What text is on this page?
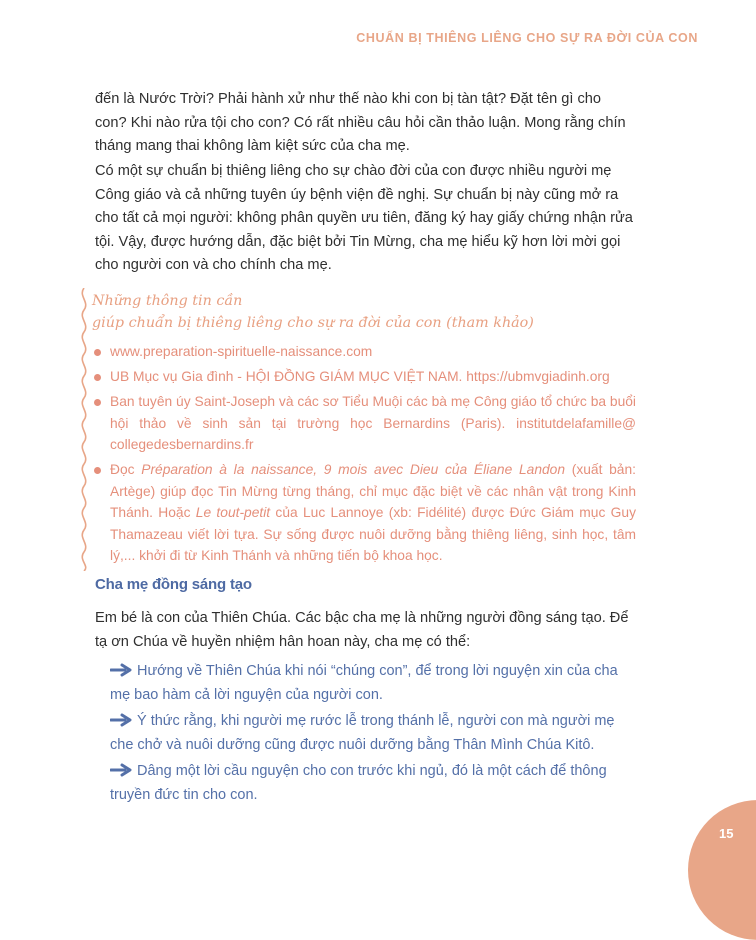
CHUẨN BỊ THIÊNG LIÊNG CHO SỰ RA ĐỜI CỦA CON

đến là Nước Trời? Phải hành xử như thế nào khi con bị tàn tật? Đặt tên gì cho con? Khi nào rửa tội cho con? Có rất nhiều câu hỏi cần thảo luận. Mong rằng chín tháng mang thai không làm kiệt sức của cha mẹ.

Có một sự chuẩn bị thiêng liêng cho sự chào đời của con được nhiều người mẹ Công giáo và cả những tuyên úy bệnh viện đề nghị. Sự chuẩn bị này cũng mở ra cho tất cả mọi người: không phân quyền ưu tiên, đăng ký hay giấy chứng nhận rửa tội. Vậy, được hướng dẫn, đặc biệt bởi Tin Mừng, cha mẹ hiểu kỹ hơn lời mời gọi cho người con và cho chính cha mẹ.

Những thông tin cần

giúp chuẩn bị thiêng liêng cho sự ra đời của con (tham khảo)

www.preparation-spirituelle-naissance.com
UB Mục vụ Gia đình - HỘI ĐỒNG GIÁM MỤC VIỆT NAM. https://ubmvgiadinh.org
Ban tuyên úy Saint-Joseph và các sơ Tiểu Muội các bà mẹ Công giáo tổ chức ba buổi hội thảo về sinh sản tại trường học Bernardins (Paris). institutdelafamille@ collegedesbernardins.fr
Đọc Préparation à la naissance, 9 mois avec Dieu của Éliane Landon (xuất bản: Artège) giúp đọc Tin Mừng từng tháng, chỉ mục đặc biệt về các nhân vật trong Kinh Thánh. Hoặc Le tout-petit của Luc Lannoye (xb: Fidélité) được Đức Giám mục Guy Thamazeau viết lời tựa. Sự sống được nuôi dưỡng bằng thiêng liêng, sinh học, tâm lý,... khởi đi từ Kinh Thánh và những tiến bộ khoa học.
Cha mẹ đồng sáng tạo

Em bé là con của Thiên Chúa. Các bậc cha mẹ là những người đồng sáng tạo. Để tạ ơn Chúa về huyền nhiệm hân hoan này, cha mẹ có thể:

Hướng về Thiên Chúa khi nói “chúng con”, để trong lời nguyện xin của cha mẹ bao hàm cả lời nguyện của người con.
Ý thức rằng, khi người mẹ rước lễ trong thánh lễ, người con mà người mẹ che chở và nuôi dưỡng cũng được nuôi dưỡng bằng Thân Mình Chúa Kitô.
Dâng một lời cầu nguyện cho con trước khi ngủ, đó là một cách để thông truyền đức tin cho con.
15
